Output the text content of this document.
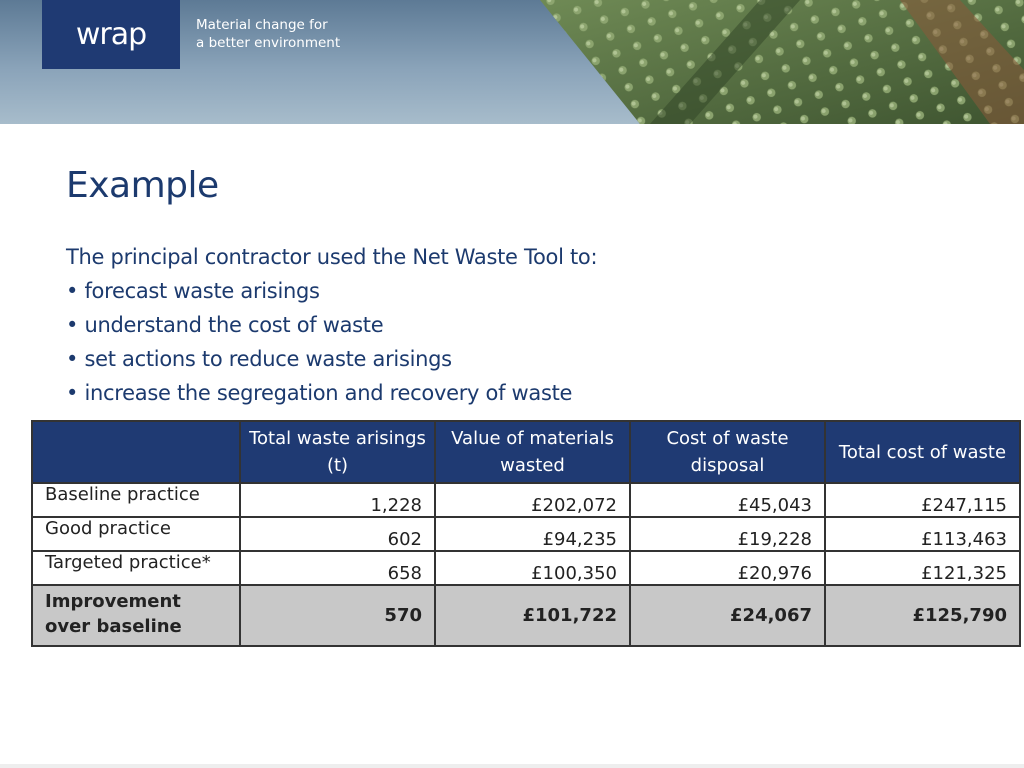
wrap	Material change for
a better environment
Example
The principal contractor used the Net Waste Tool to:
• forecast waste arisings
• understand the cost of waste
• set actions to reduce waste arisings
• increase the segregation and recovery of waste
	Total waste arisings (t)	Value of materials wasted	Cost of waste disposal	Total cost of waste
Baseline practice	1,228	£202,072	£45,043	£247,115
Good practice	602	£94,235	£19,228	£113,463
Targeted practice*	658	£100,350	£20,976	£121,325
Improvement over baseline	570	£101,722	£24,067	£125,790
